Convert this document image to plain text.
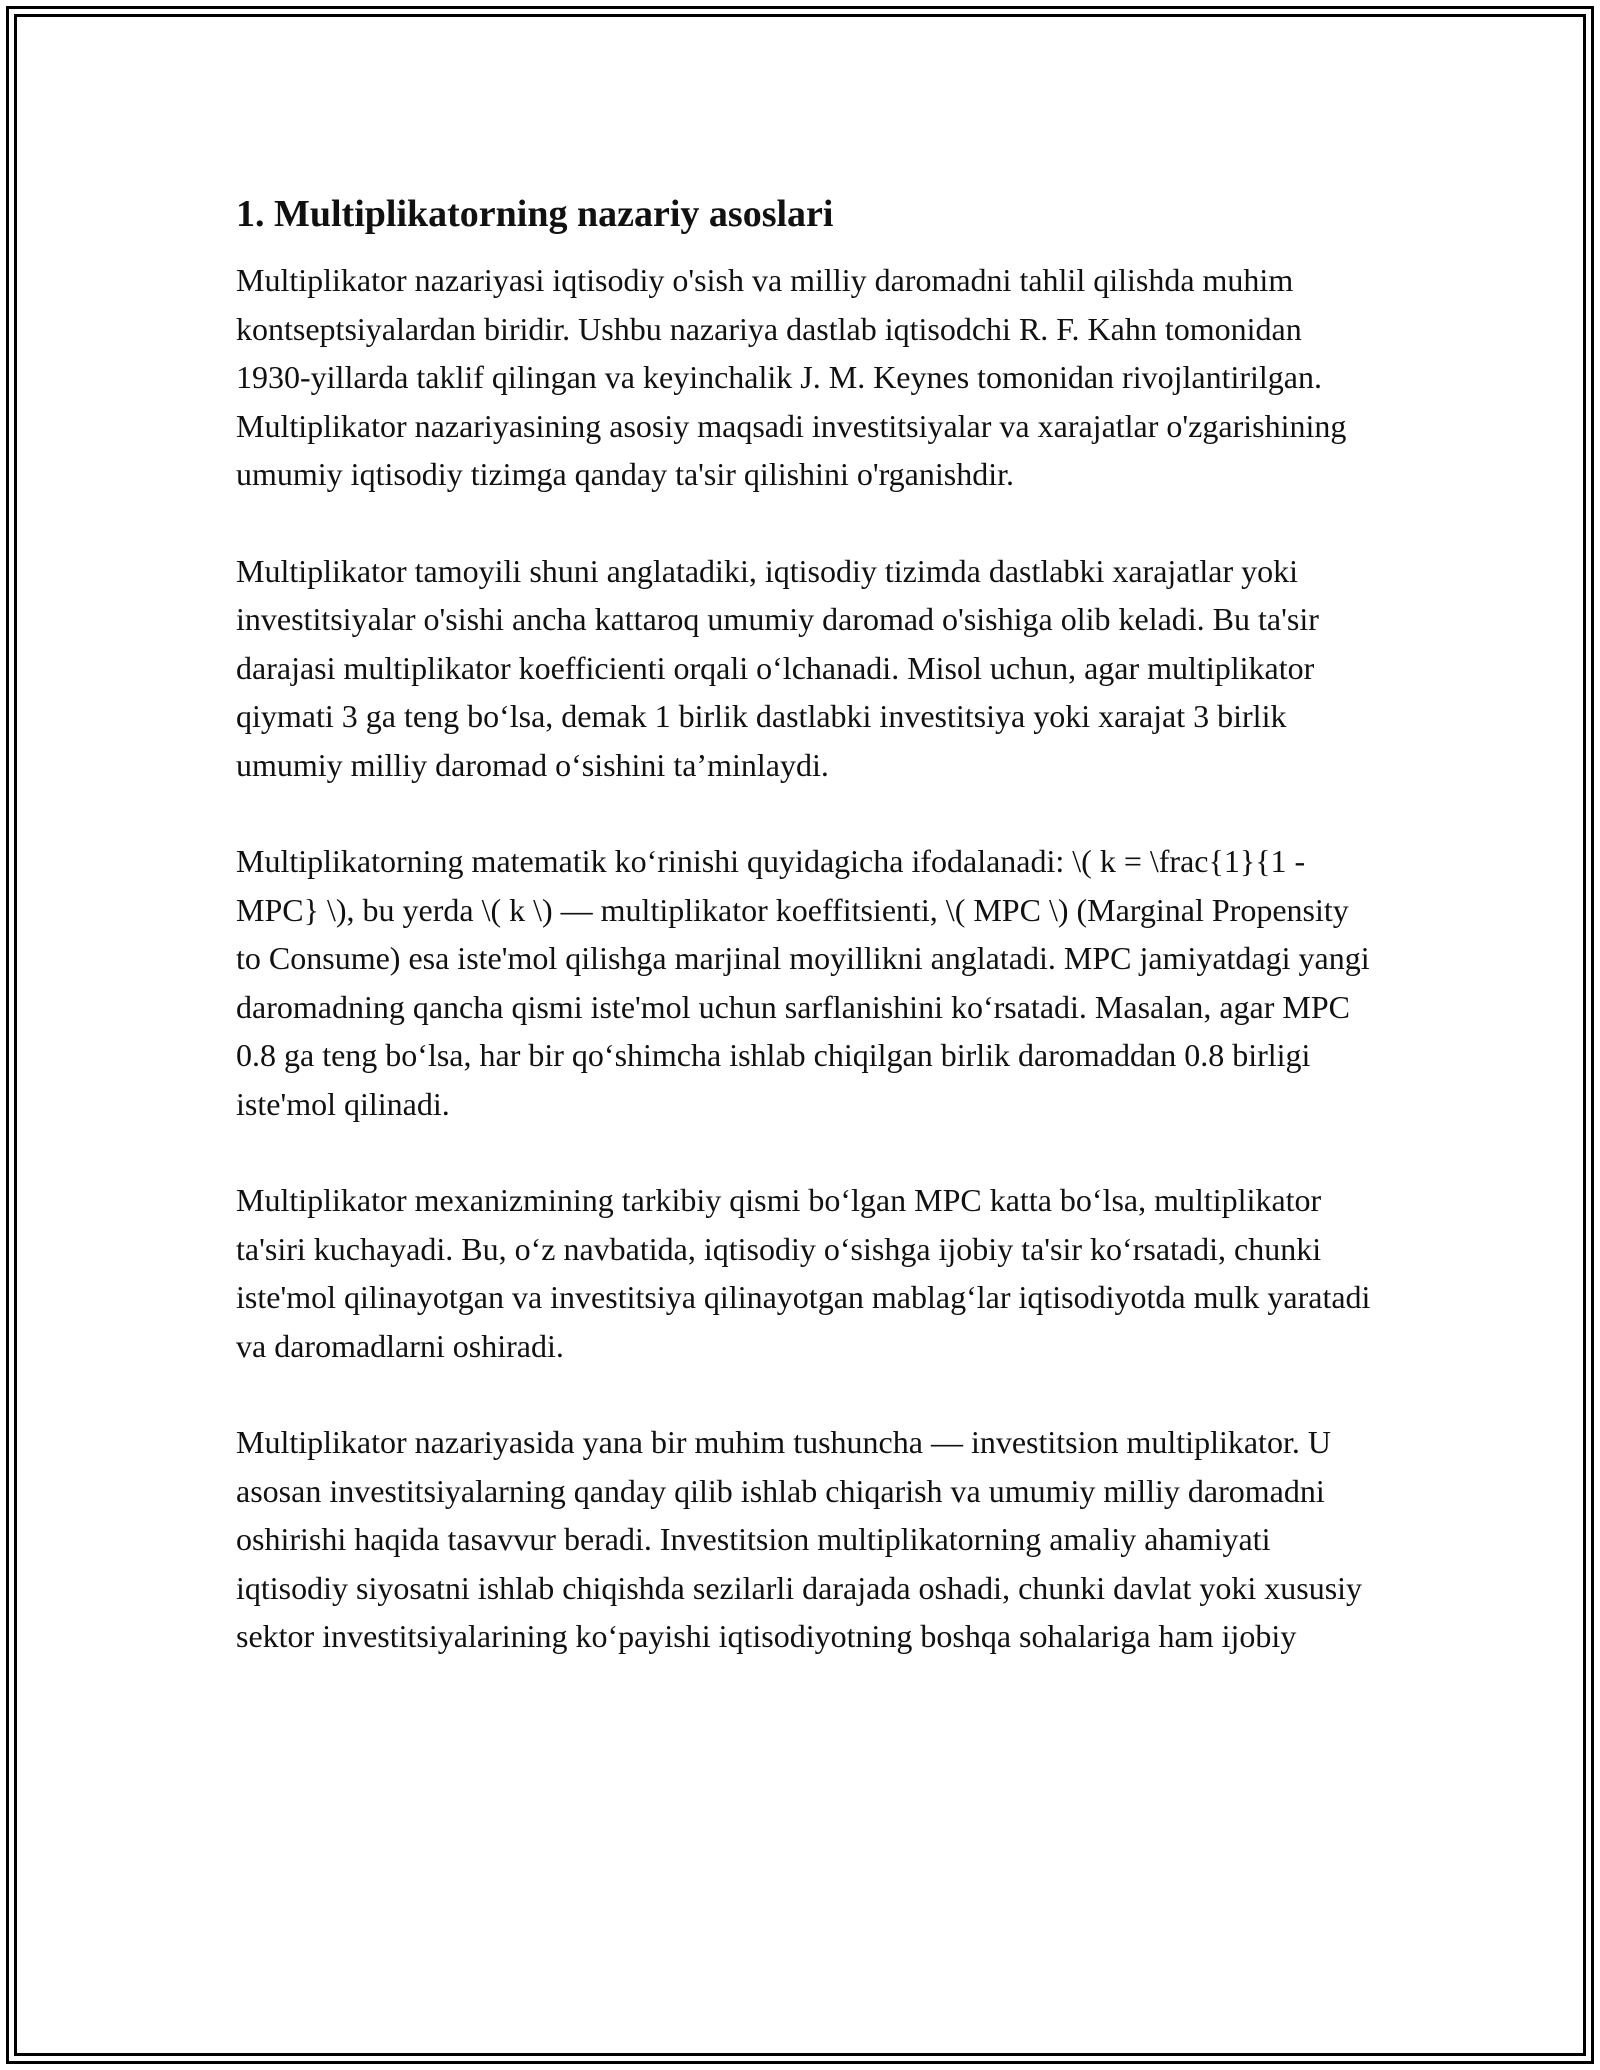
1. Multiplikatorning nazariy asoslari

Multiplikator nazariyasi iqtisodiy o'sish va milliy daromadni tahlil qilishda muhim kontseptsiyalardan biridir. Ushbu nazariya dastlab iqtisodchi R. F. Kahn tomonidan 1930-yillarda taklif qilingan va keyinchalik J. M. Keynes tomonidan rivojlantirilgan. Multiplikator nazariyasining asosiy maqsadi investitsiyalar va xarajatlar o'zgarishining umumiy iqtisodiy tizimga qanday ta'sir qilishini o'rganishdir.

Multiplikator tamoyili shuni anglatadiki, iqtisodiy tizimda dastlabki xarajatlar yoki investitsiyalar o'sishi ancha kattaroq umumiy daromad o'sishiga olib keladi. Bu ta'sir darajasi multiplikator koefficienti orqali o‘lchanadi. Misol uchun, agar multiplikator qiymati 3 ga teng bo‘lsa, demak 1 birlik dastlabki investitsiya yoki xarajat 3 birlik umumiy milliy daromad o‘sishini ta’minlaydi.

Multiplikatorning matematik ko‘rinishi quyidagicha ifodalanadi: \( k = \frac{1}{1 - MPC} \), bu yerda \( k \) — multiplikator koeffitsienti, \( MPC \) (Marginal Propensity to Consume) esa iste'mol qilishga marjinal moyillikni anglatadi. MPC jamiyatdagi yangi daromadning qancha qismi iste'mol uchun sarflanishini ko‘rsatadi. Masalan, agar MPC 0.8 ga teng bo‘lsa, har bir qo‘shimcha ishlab chiqilgan birlik daromaddan 0.8 birligi iste'mol qilinadi.

Multiplikator mexanizmining tarkibiy qismi bo‘lgan MPC katta bo‘lsa, multiplikator ta'siri kuchayadi. Bu, o‘z navbatida, iqtisodiy o‘sishga ijobiy ta'sir ko‘rsatadi, chunki iste'mol qilinayotgan va investitsiya qilinayotgan mablag‘lar iqtisodiyotda mulk yaratadi va daromadlarni oshiradi.

Multiplikator nazariyasida yana bir muhim tushuncha — investitsion multiplikator. U asosan investitsiyalarning qanday qilib ishlab chiqarish va umumiy milliy daromadni oshirishi haqida tasavvur beradi. Investitsion multiplikatorning amaliy ahamiyati iqtisodiy siyosatni ishlab chiqishda sezilarli darajada oshadi, chunki davlat yoki xususiy sektor investitsiyalarining ko‘payishi iqtisodiyotning boshqa sohalariga ham ijobiy
